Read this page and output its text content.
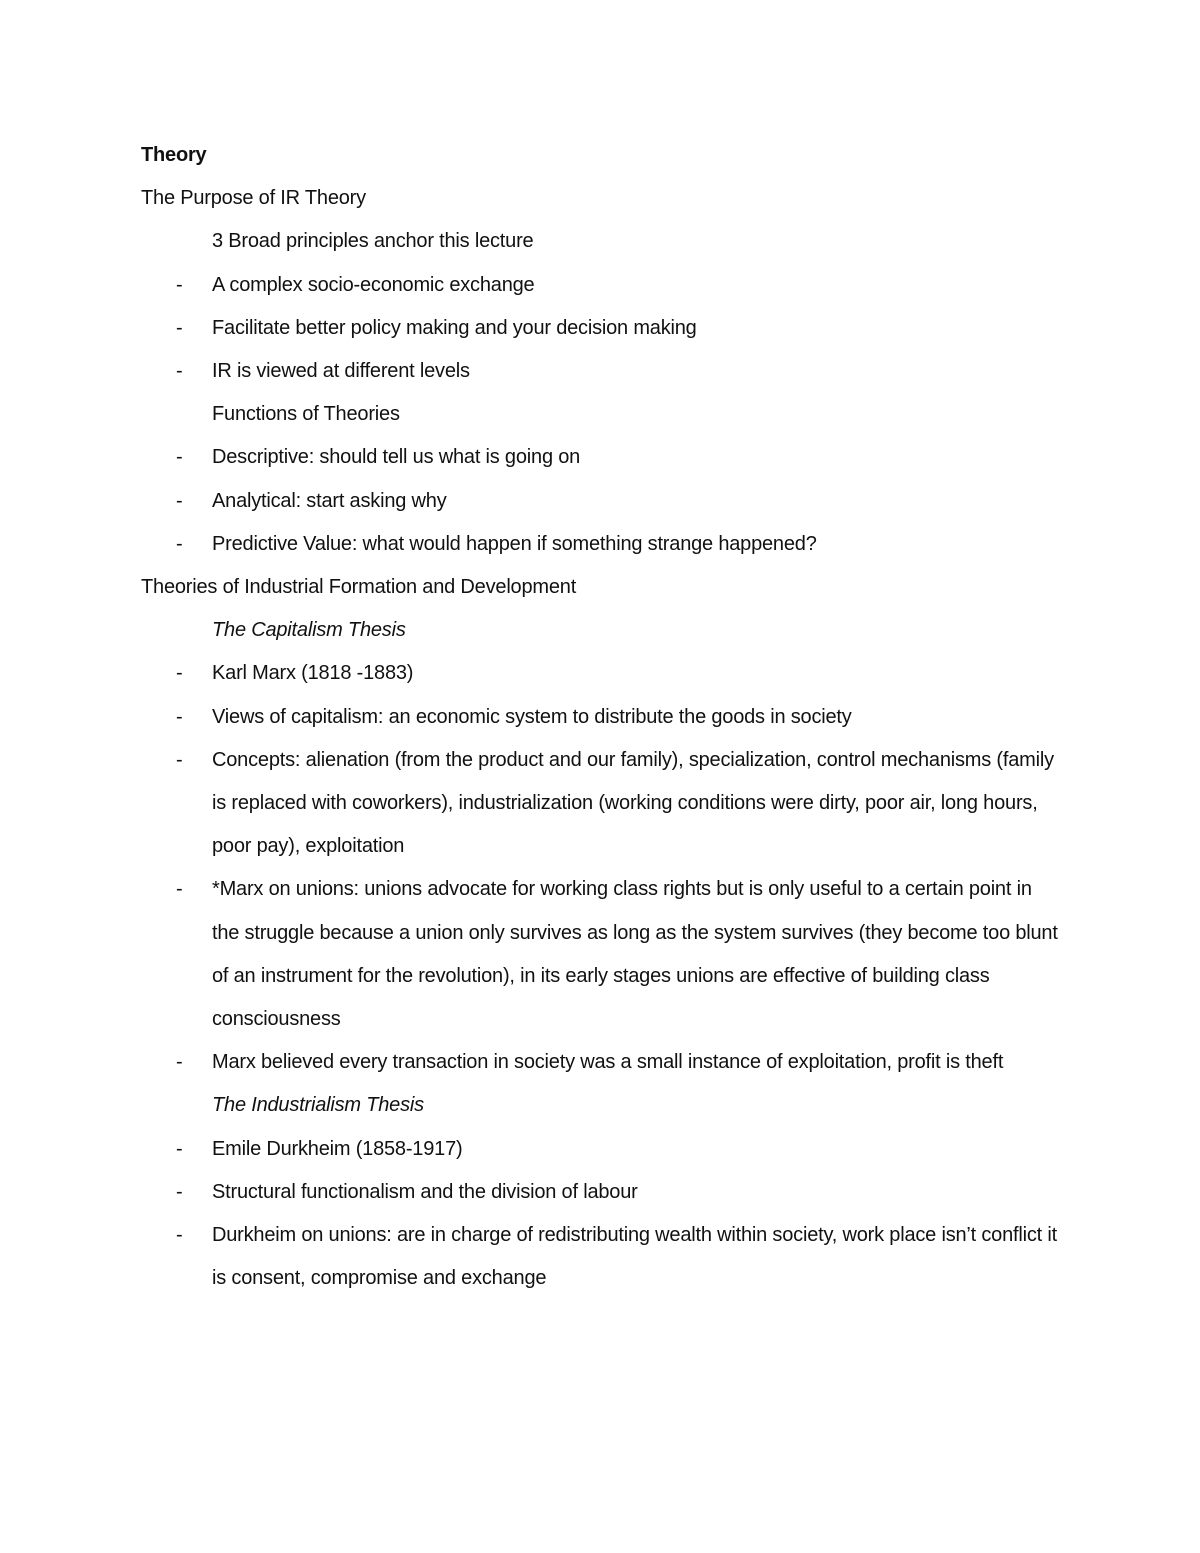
Theory

The Purpose of IR Theory

3 Broad principles anchor this lecture

- A complex socio-economic exchange
- Facilitate better policy making and your decision making
- IR is viewed at different levels

Functions of Theories

- Descriptive: should tell us what is going on
- Analytical: start asking why
- Predictive Value: what would happen if something strange happened?

Theories of Industrial Formation and Development

The Capitalism Thesis

- Karl Marx (1818 -1883)
- Views of capitalism: an economic system to distribute the goods in society
- Concepts: alienation (from the product and our family), specialization, control mechanisms (family is replaced with coworkers), industrialization (working conditions were dirty, poor air, long hours, poor pay), exploitation
- *Marx on unions: unions advocate for working class rights but is only useful to a certain point in the struggle because a union only survives as long as the system survives (they become too blunt of an instrument for the revolution), in its early stages unions are effective of building class consciousness
- Marx believed every transaction in society was a small instance of exploitation, profit is theft

The Industrialism Thesis

- Emile Durkheim (1858-1917)
- Structural functionalism and the division of labour
- Durkheim on unions: are in charge of redistributing wealth within society, work place isn’t conflict it is consent, compromise and exchange
